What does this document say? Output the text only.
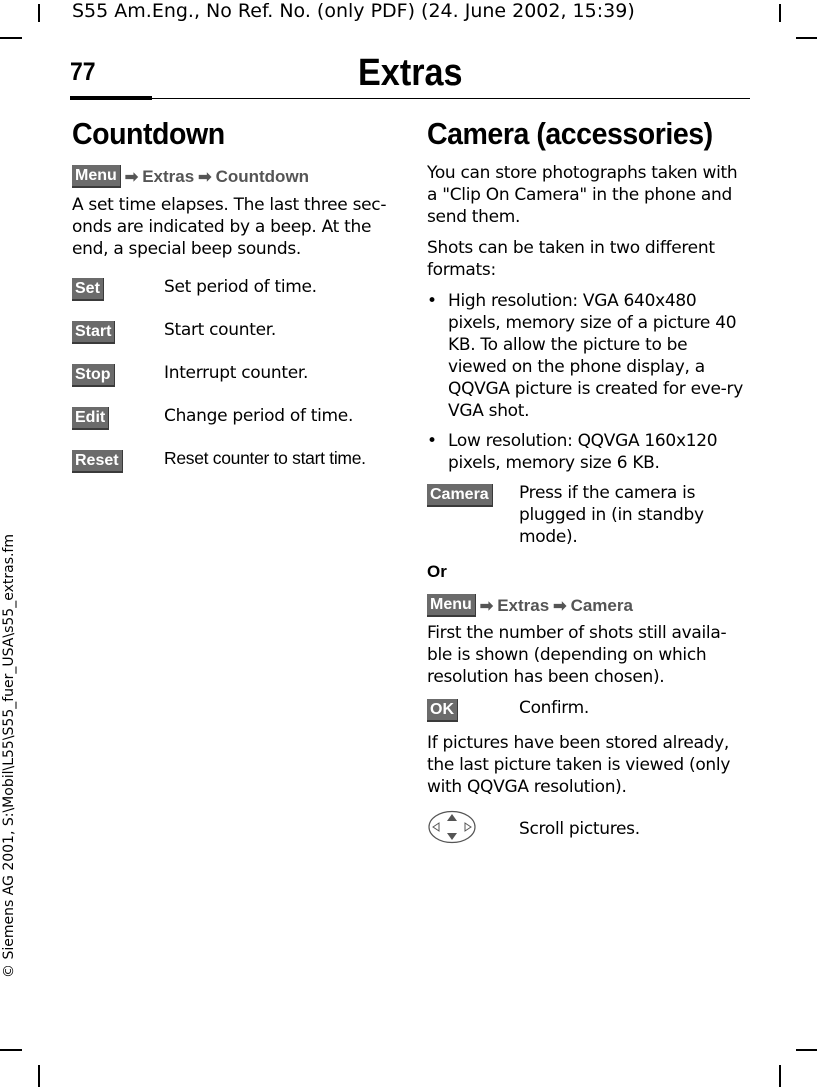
S55 Am.Eng., No Ref. No. (only PDF) (24. June 2002, 15:39)
© Siemens AG 2001, S:\Mobil\L55\S55_fuer_USA\s55_extras.fm
77	Extras
Countdown
Menu ➡ Extras ➡ Countdown

A set time elapses. The last three sec-onds are indicated by a beep. At the end, a special beep sounds.

Set	Set period of time.
Start	Start counter.
Stop	Interrupt counter.
Edit	Change period of time.
Reset	Reset counter to start time.
Camera (accessories)

You can store photographs taken with a "Clip On Camera" in the phone and send them.

Shots can be taken in two different formats:

• High resolution: VGA 640x480 pixels, memory size of a picture 40 KB. To allow the picture to be viewed on the phone display, a QQVGA picture is created for eve-ry VGA shot.
• Low resolution: QQVGA 160x120 pixels, memory size 6 KB.
Camera	Press if the camera is plugged in (in standby mode).
Or
Menu ➡ Extras ➡ Camera

First the number of shots still availa-ble is shown (depending on which resolution has been chosen).

OK	Confirm.

If pictures have been stored already, the last picture taken is viewed (only with QQVGA resolution).

Scroll pictures.
